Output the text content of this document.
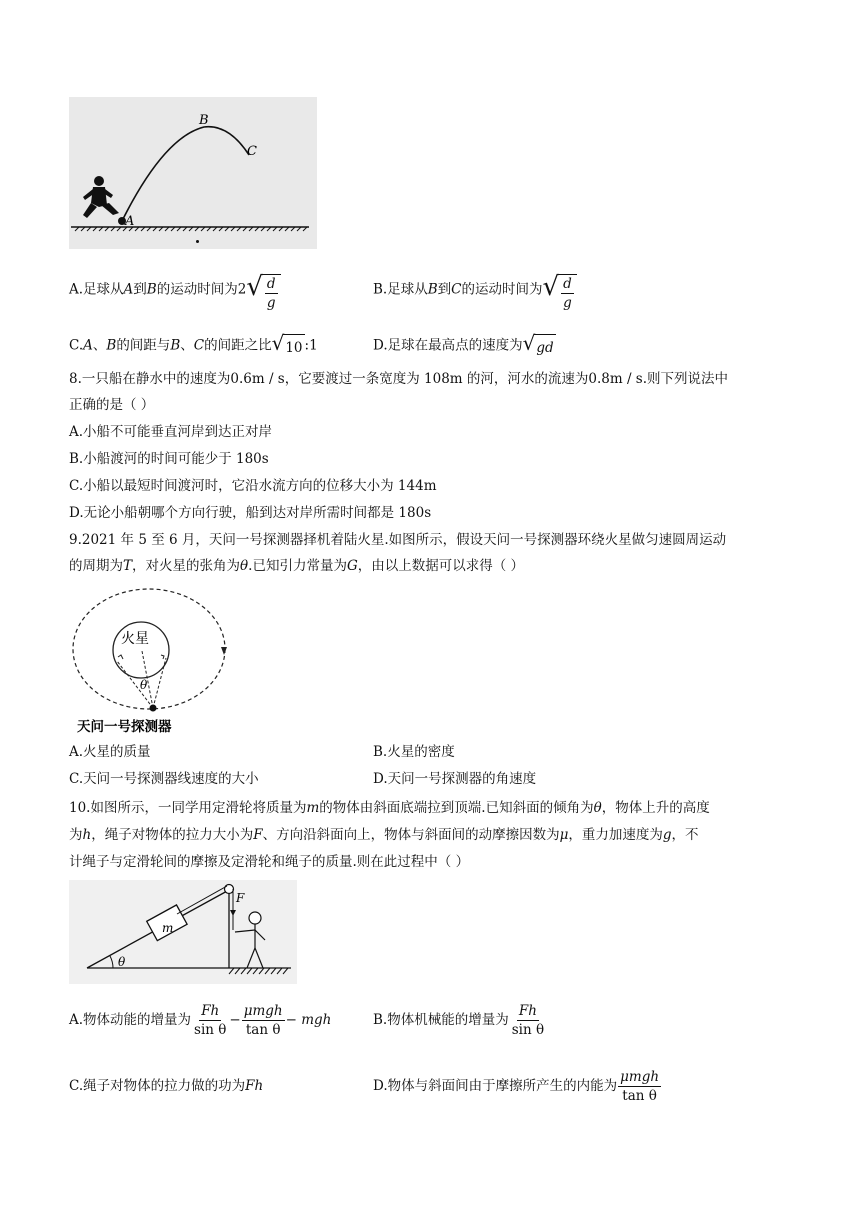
A
B
C
A.足球从A到B的运动时间为2 √ $\frac{d}{g}$	B.足球从B到C的运动时间为 √ $\frac{d}{g}$
C.A、B的间距与B、C的间距之比 √ 10 :1	D.足球在最高点的速度为 √ gd
8.一只船在静水中的速度为0.6m / s，它要渡过一条宽度为 108m 的河，河水的流速为0.8m / s.则下列说法中
正确的是（ ）
A.小船不可能垂直河岸到达正对岸
B.小船渡河的时间可能少于 180s
C.小船以最短时间渡河时，它沿水流方向的位移大小为 144m
D.无论小船朝哪个方向行驶，船到达对岸所需时间都是 180s
9.2021 年 5 至 6 月，天问一号探测器择机着陆火星.如图所示，假设天问一号探测器环绕火星做匀速圆周运动
的周期为T，对火星的张角为θ.已知引力常量为G，由以上数据可以求得（ ）
火星
θ
天问一号探测器
A.火星的质量	B.火星的密度
C.天问一号探测器线速度的大小	D.天问一号探测器的角速度
10.如图所示，一同学用定滑轮将质量为m的物体由斜面底端拉到顶端.已知斜面的倾角为θ，物体上升的高度
为h，绳子对物体的拉力大小为F、方向沿斜面向上，物体与斜面间的动摩擦因数为μ，重力加速度为g，不
计绳子与定滑轮间的摩擦及定滑轮和绳子的质量.则在此过程中（ ）
m
F
θ
A.物体动能的增量为 $\frac{Fh}{\text{sin θ}} - \frac{\text{μmgh}}{\text{tan θ}}$ − mgh	B.物体机械能的增量为 $\frac{Fh}{\text{sin θ}}$
C.绳子对物体的拉力做的功为Fh	D.物体与斜面间由于摩擦所产生的内能为 $\frac{\text{μmgh}}{\text{tan θ}}$
